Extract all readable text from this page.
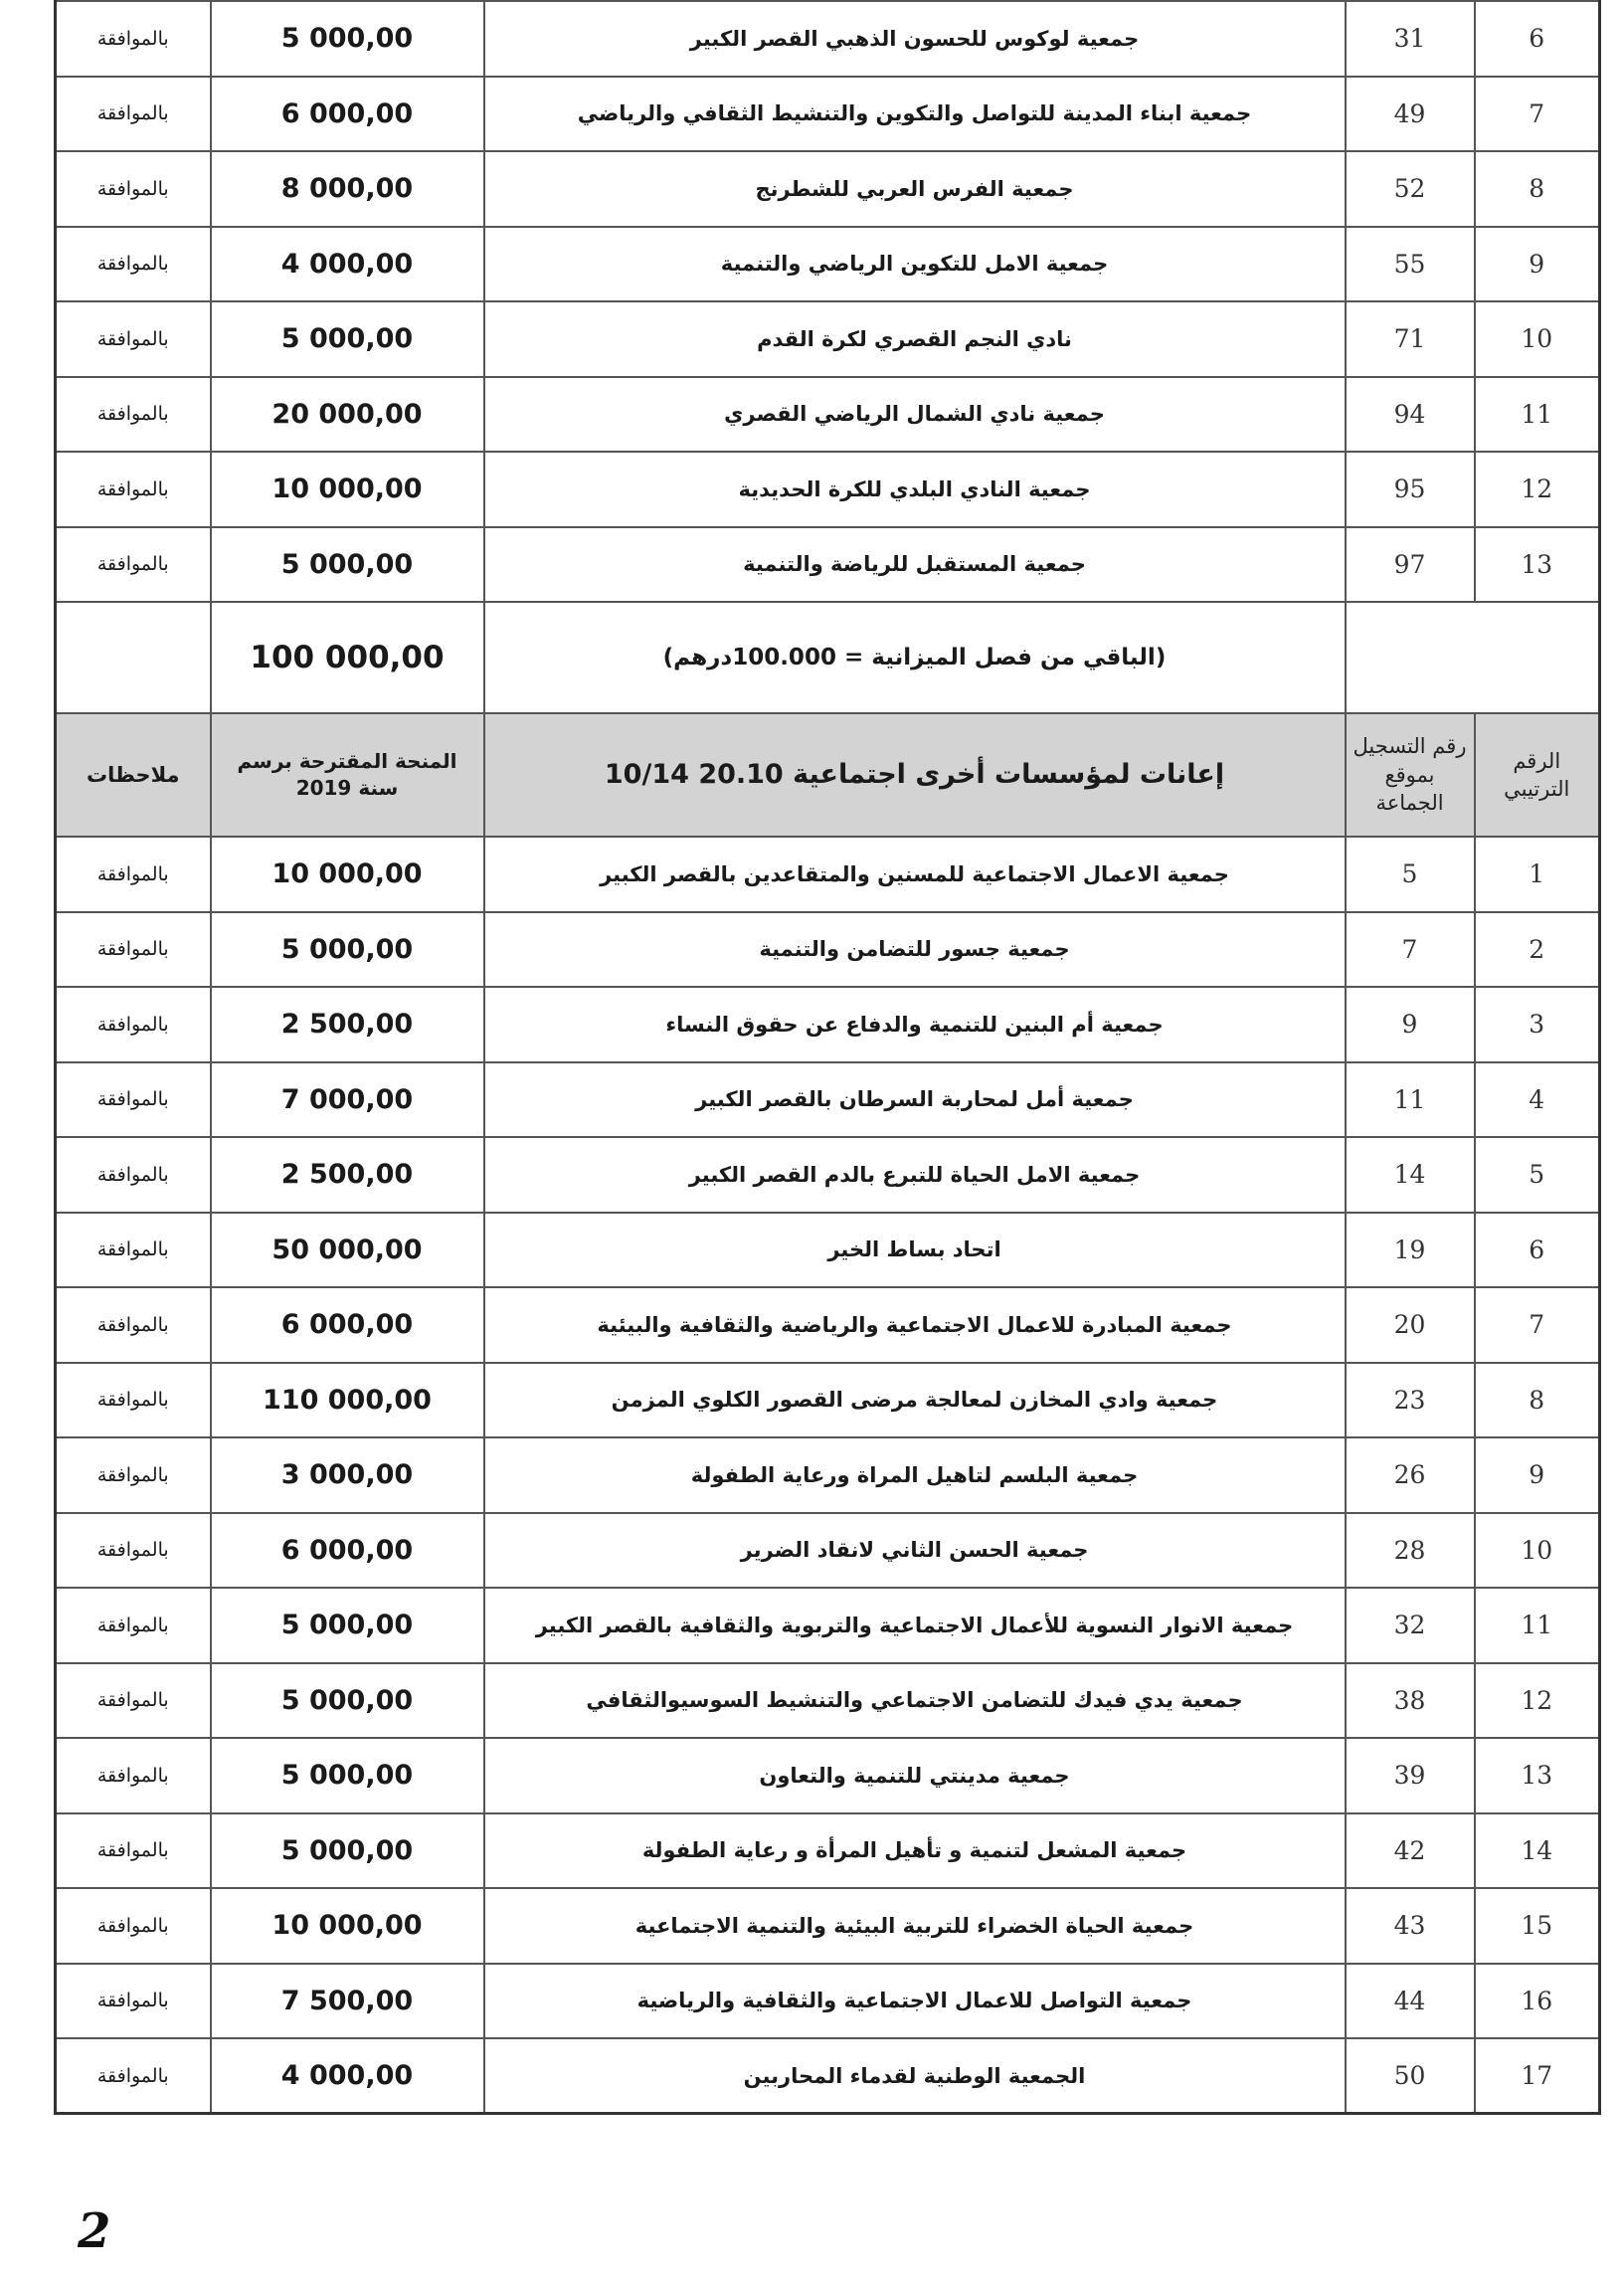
6	31	جمعية لوكوس للحسون الذهبي القصر الكبير	5 000,00	بالموافقة
7	49	جمعية ابناء المدينة للتواصل والتكوين والتنشيط الثقافي والرياضي	6 000,00	بالموافقة
8	52	جمعية الفرس العربي للشطرنج	8 000,00	بالموافقة
9	55	جمعية الامل للتكوين الرياضي والتنمية	4 000,00	بالموافقة
10	71	نادي النجم القصري لكرة القدم	5 000,00	بالموافقة
11	94	جمعية نادي الشمال الرياضي القصري	20 000,00	بالموافقة
12	95	جمعية النادي البلدي للكرة الحديدية	10 000,00	بالموافقة
13	97	جمعية المستقبل للرياضة والتنمية	5 000,00	بالموافقة
		(الباقي من فصل الميزانية = 100.000درهم)	100 000,00	
الرقم الترتيبي	رقم التسجيل بموقع الجماعة	إعانات لمؤسسات أخرى اجتماعية 20.10 10/14	المنحة المقترحة برسم سنة 2019	ملاحظات
1	5	جمعية الاعمال الاجتماعية للمسنين والمتقاعدين بالقصر الكبير	10 000,00	بالموافقة
2	7	جمعية جسور للتضامن والتنمية	5 000,00	بالموافقة
3	9	جمعية أم البنين للتنمية والدفاع عن حقوق النساء	2 500,00	بالموافقة
4	11	جمعية أمل لمحاربة السرطان بالقصر الكبير	7 000,00	بالموافقة
5	14	جمعية الامل الحياة للتبرع بالدم القصر الكبير	2 500,00	بالموافقة
6	19	اتحاد بساط الخير	50 000,00	بالموافقة
7	20	جمعية المبادرة للاعمال الاجتماعية والرياضية والثقافية والبيئية	6 000,00	بالموافقة
8	23	جمعية وادي المخازن لمعالجة مرضى القصور الكلوي المزمن	110 000,00	بالموافقة
9	26	جمعية البلسم لتاهيل المراة ورعاية الطفولة	3 000,00	بالموافقة
10	28	جمعية الحسن الثاني لانقاد الضرير	6 000,00	بالموافقة
11	32	جمعية الانوار النسوية للأعمال الاجتماعية والتربوية والثقافية بالقصر الكبير	5 000,00	بالموافقة
12	38	جمعية يدي فيدك للتضامن الاجتماعي والتنشيط السوسيوالثقافي	5 000,00	بالموافقة
13	39	جمعية مدينتي للتنمية والتعاون	5 000,00	بالموافقة
14	42	جمعية المشعل لتنمية و تأهيل المرأة و رعاية الطفولة	5 000,00	بالموافقة
15	43	جمعية الحياة الخضراء للتربية البيئية والتنمية الاجتماعية	10 000,00	بالموافقة
16	44	جمعية التواصل للاعمال الاجتماعية والثقافية والرياضية	7 500,00	بالموافقة
17	50	الجمعية الوطنية لقدماء المحاربين	4 000,00	بالموافقة
2
